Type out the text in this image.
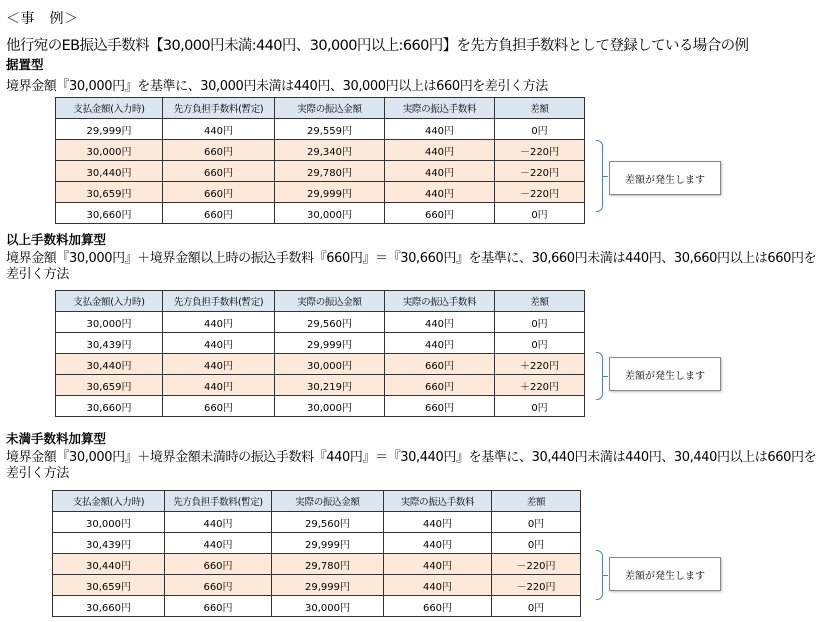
＜事　例＞
他行宛のEB振込手数料【30,000円未満:440円、30,000円以上:660円】を先方負担手数料として登録している場合の例
据置型
境界金額『30,000円』を基準に、30,000円未満は440円、30,000円以上は660円を差引く方法
支払金額(入力時)	先方負担手数料(暫定)	実際の振込金額	実際の振込手数料	差額
29,999円	440円	29,559円	440円	0円
30,000円	660円	29,340円	440円	－220円
30,440円	660円	29,780円	440円	－220円
30,659円	660円	29,999円	440円	－220円
30,660円	660円	30,000円	660円	0円
差額が発生します
以上手数料加算型
境界金額『30,000円』＋境界金額以上時の振込手数料『660円』＝『30,660円』を基準に、30,660円未満は440円、30,660円以上は660円を差引く方法
支払金額(入力時)	先方負担手数料(暫定)	実際の振込金額	実際の振込手数料	差額
30,000円	440円	29,560円	440円	0円
30,439円	440円	29,999円	440円	0円
30,440円	440円	30,000円	660円	＋220円
30,659円	440円	30,219円	660円	＋220円
30,660円	660円	30,000円	660円	0円
差額が発生します
未満手数料加算型
境界金額『30,000円』＋境界金額未満時の振込手数料『440円』＝『30,440円』を基準に、30,440円未満は440円、30,440円以上は660円を差引く方法
支払金額(入力時)	先方負担手数料(暫定)	実際の振込金額	実際の振込手数料	差額
30,000円	440円	29,560円	440円	0円
30,439円	440円	29,999円	440円	0円
30,440円	660円	29,780円	440円	－220円
30,659円	660円	29,999円	440円	－220円
30,660円	660円	30,000円	660円	0円
差額が発生します
